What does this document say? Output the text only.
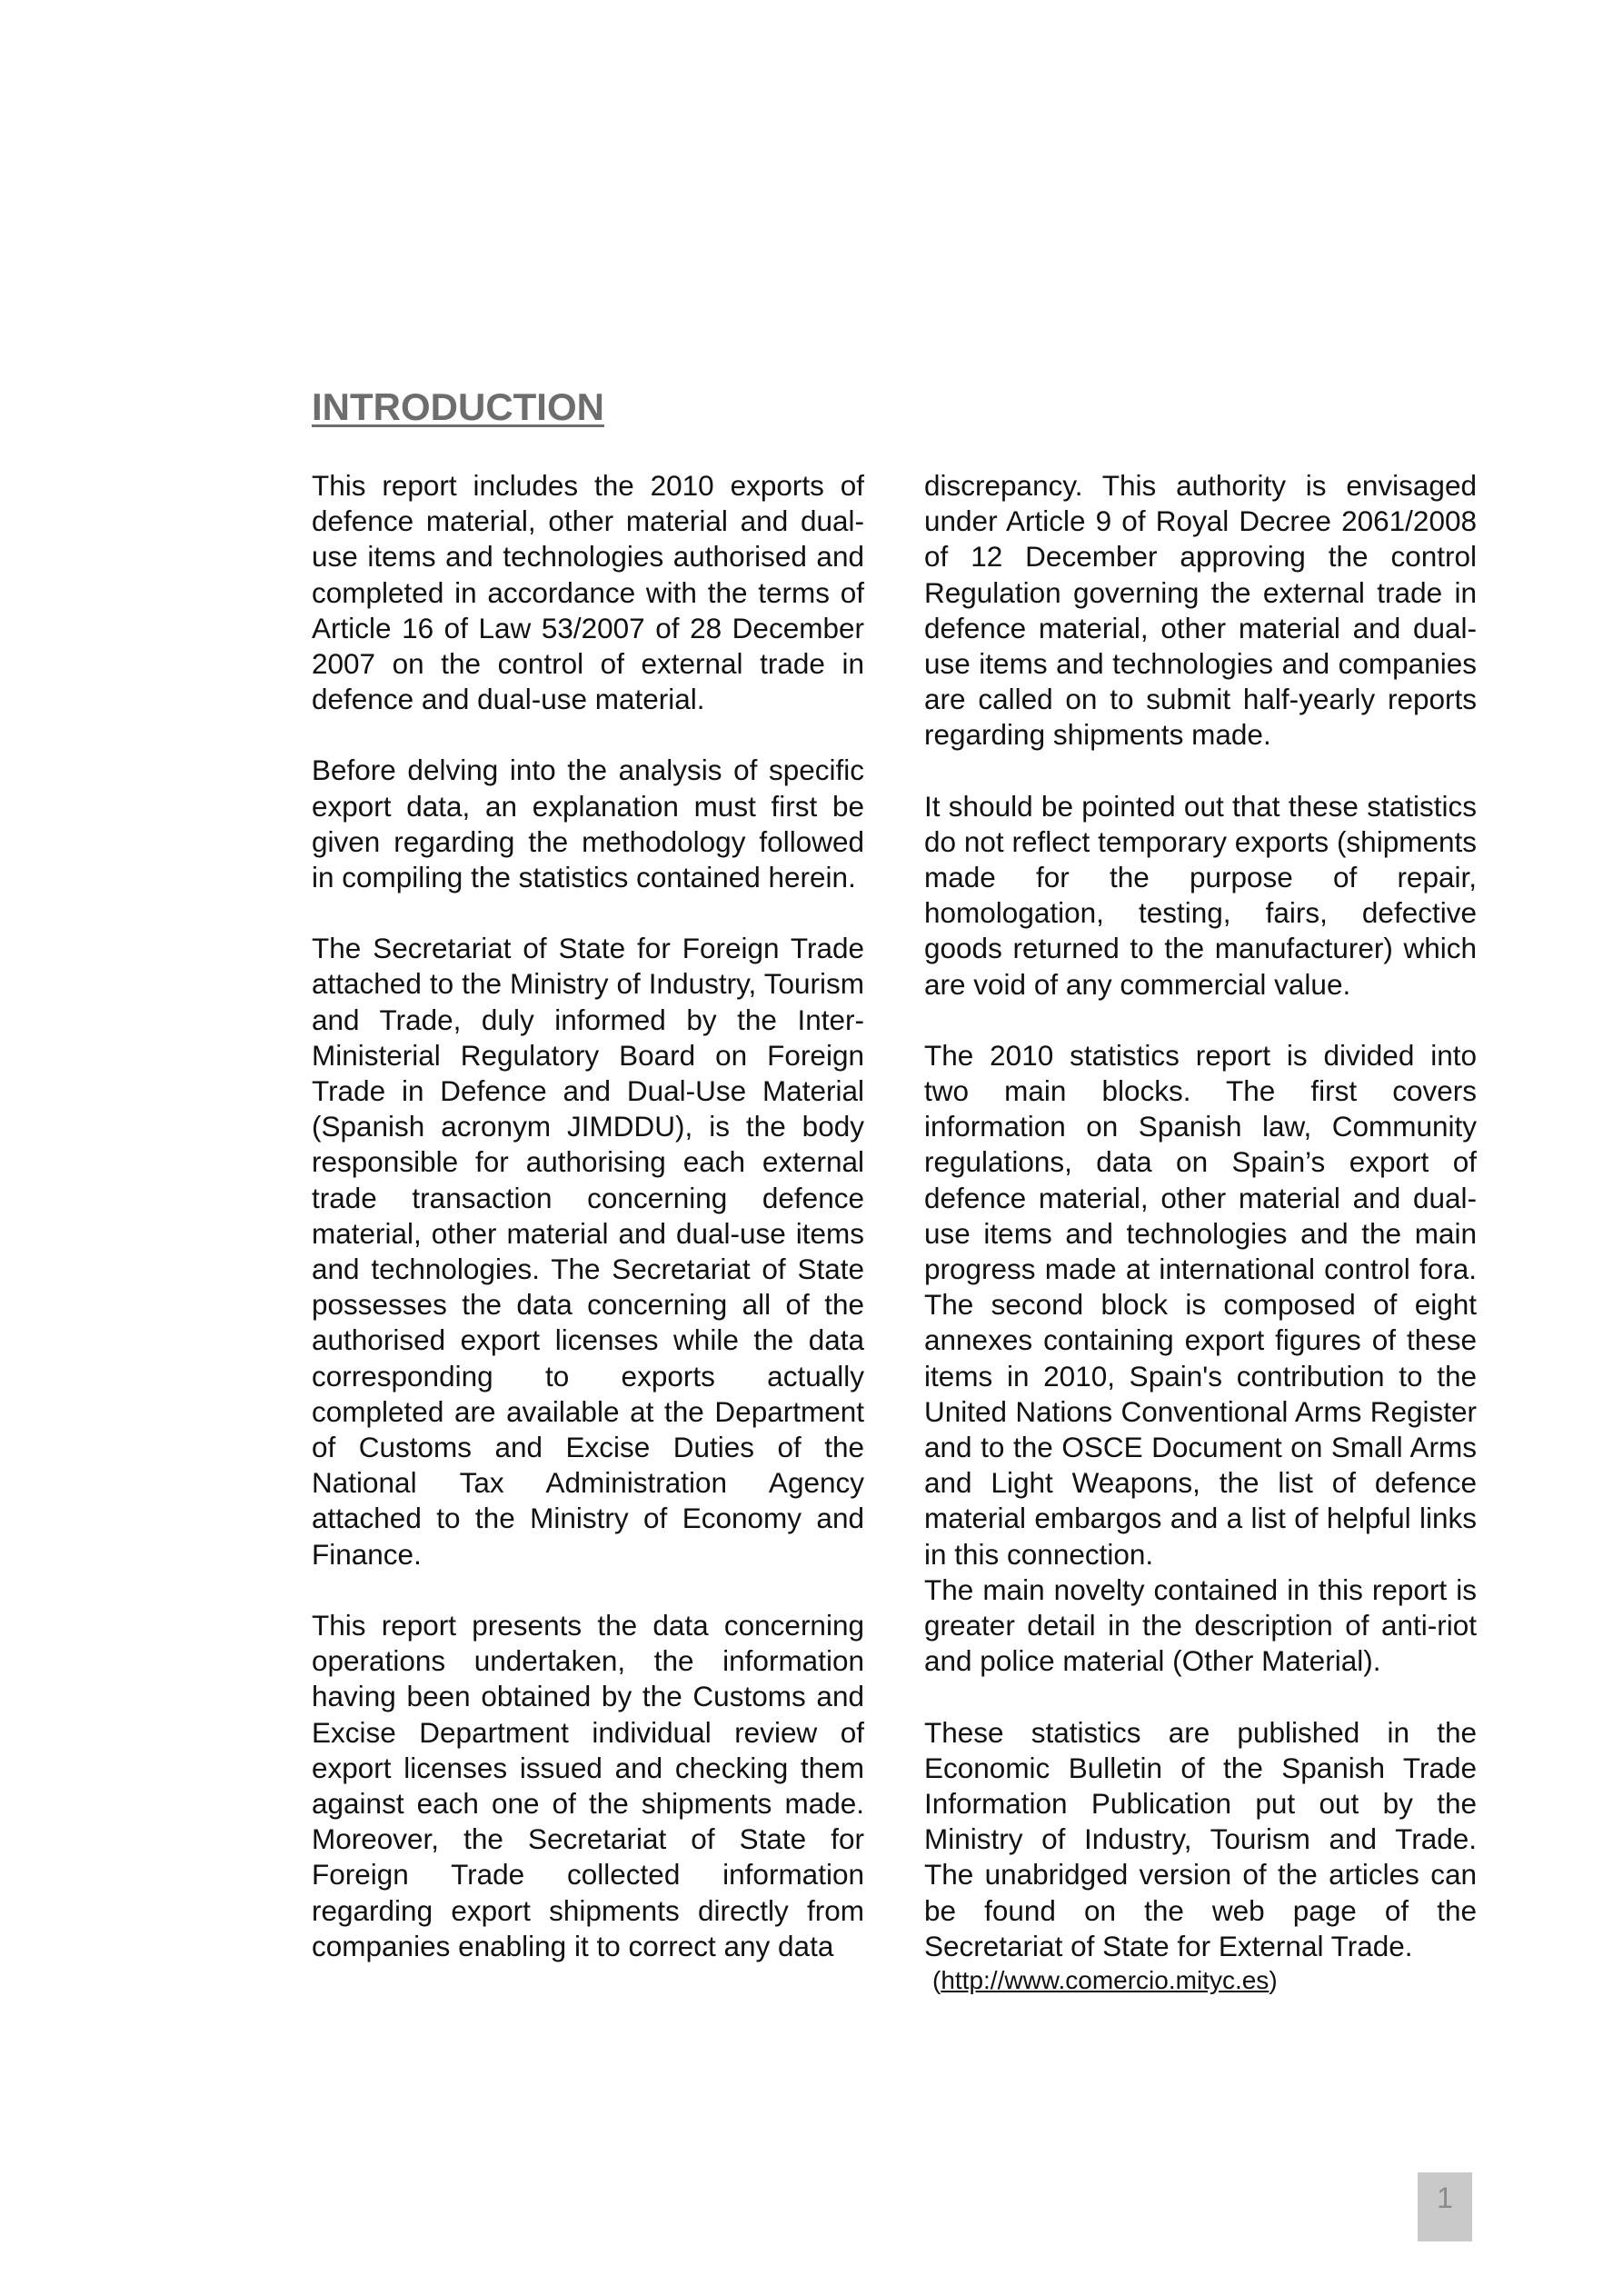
INTRODUCTION

This report includes the 2010 exports of defence material, other material and dual-use items and technologies authorised and completed in accordance with the terms of Article 16 of Law 53/2007 of 28 December 2007 on the control of external trade in defence and dual-use material.

Before delving into the analysis of specific export data, an explanation must first be given regarding the methodology followed in compiling the statistics contained herein.

The Secretariat of State for Foreign Trade attached to the Ministry of Industry, Tourism and Trade, duly informed by the Inter-Ministerial Regulatory Board on Foreign Trade in Defence and Dual-Use Material (Spanish acronym JIMDDU), is the body responsible for authorising each external trade transaction concerning defence material, other material and dual-use items and technologies. The Secretariat of State possesses the data concerning all of the authorised export licenses while the data corresponding to exports actually completed are available at the Department of Customs and Excise Duties of the National Tax Administration Agency attached to the Ministry of Economy and Finance.

This report presents the data concerning operations undertaken, the information having been obtained by the Customs and Excise Department individual review of export licenses issued and checking them against each one of the shipments made. Moreover, the Secretariat of State for Foreign Trade collected information regarding export shipments directly from companies enabling it to correct any data

discrepancy. This authority is envisaged under Article 9 of Royal Decree 2061/2008 of 12 December approving the control Regulation governing the external trade in defence material, other material and dual-use items and technologies and companies are called on to submit half-yearly reports regarding shipments made.

It should be pointed out that these statistics do not reflect temporary exports (shipments made for the purpose of repair, homologation, testing, fairs, defective goods returned to the manufacturer) which are void of any commercial value.

The 2010 statistics report is divided into two main blocks. The first covers information on Spanish law, Community regulations, data on Spain’s export of defence material, other material and dual-use items and technologies and the main progress made at international control fora. The second block is composed of eight annexes containing export figures of these items in 2010, Spain's contribution to the United Nations Conventional Arms Register and to the OSCE Document on Small Arms and Light Weapons, the list of defence material embargos and a list of helpful links in this connection.

The main novelty contained in this report is greater detail in the description of anti-riot and police material (Other Material).

These statistics are published in the Economic Bulletin of the Spanish Trade Information Publication put out by the Ministry of Industry, Tourism and Trade. The unabridged version of the articles can be found on the web page of the Secretariat of State for External Trade.

(http://www.comercio.mityc.es)

1
